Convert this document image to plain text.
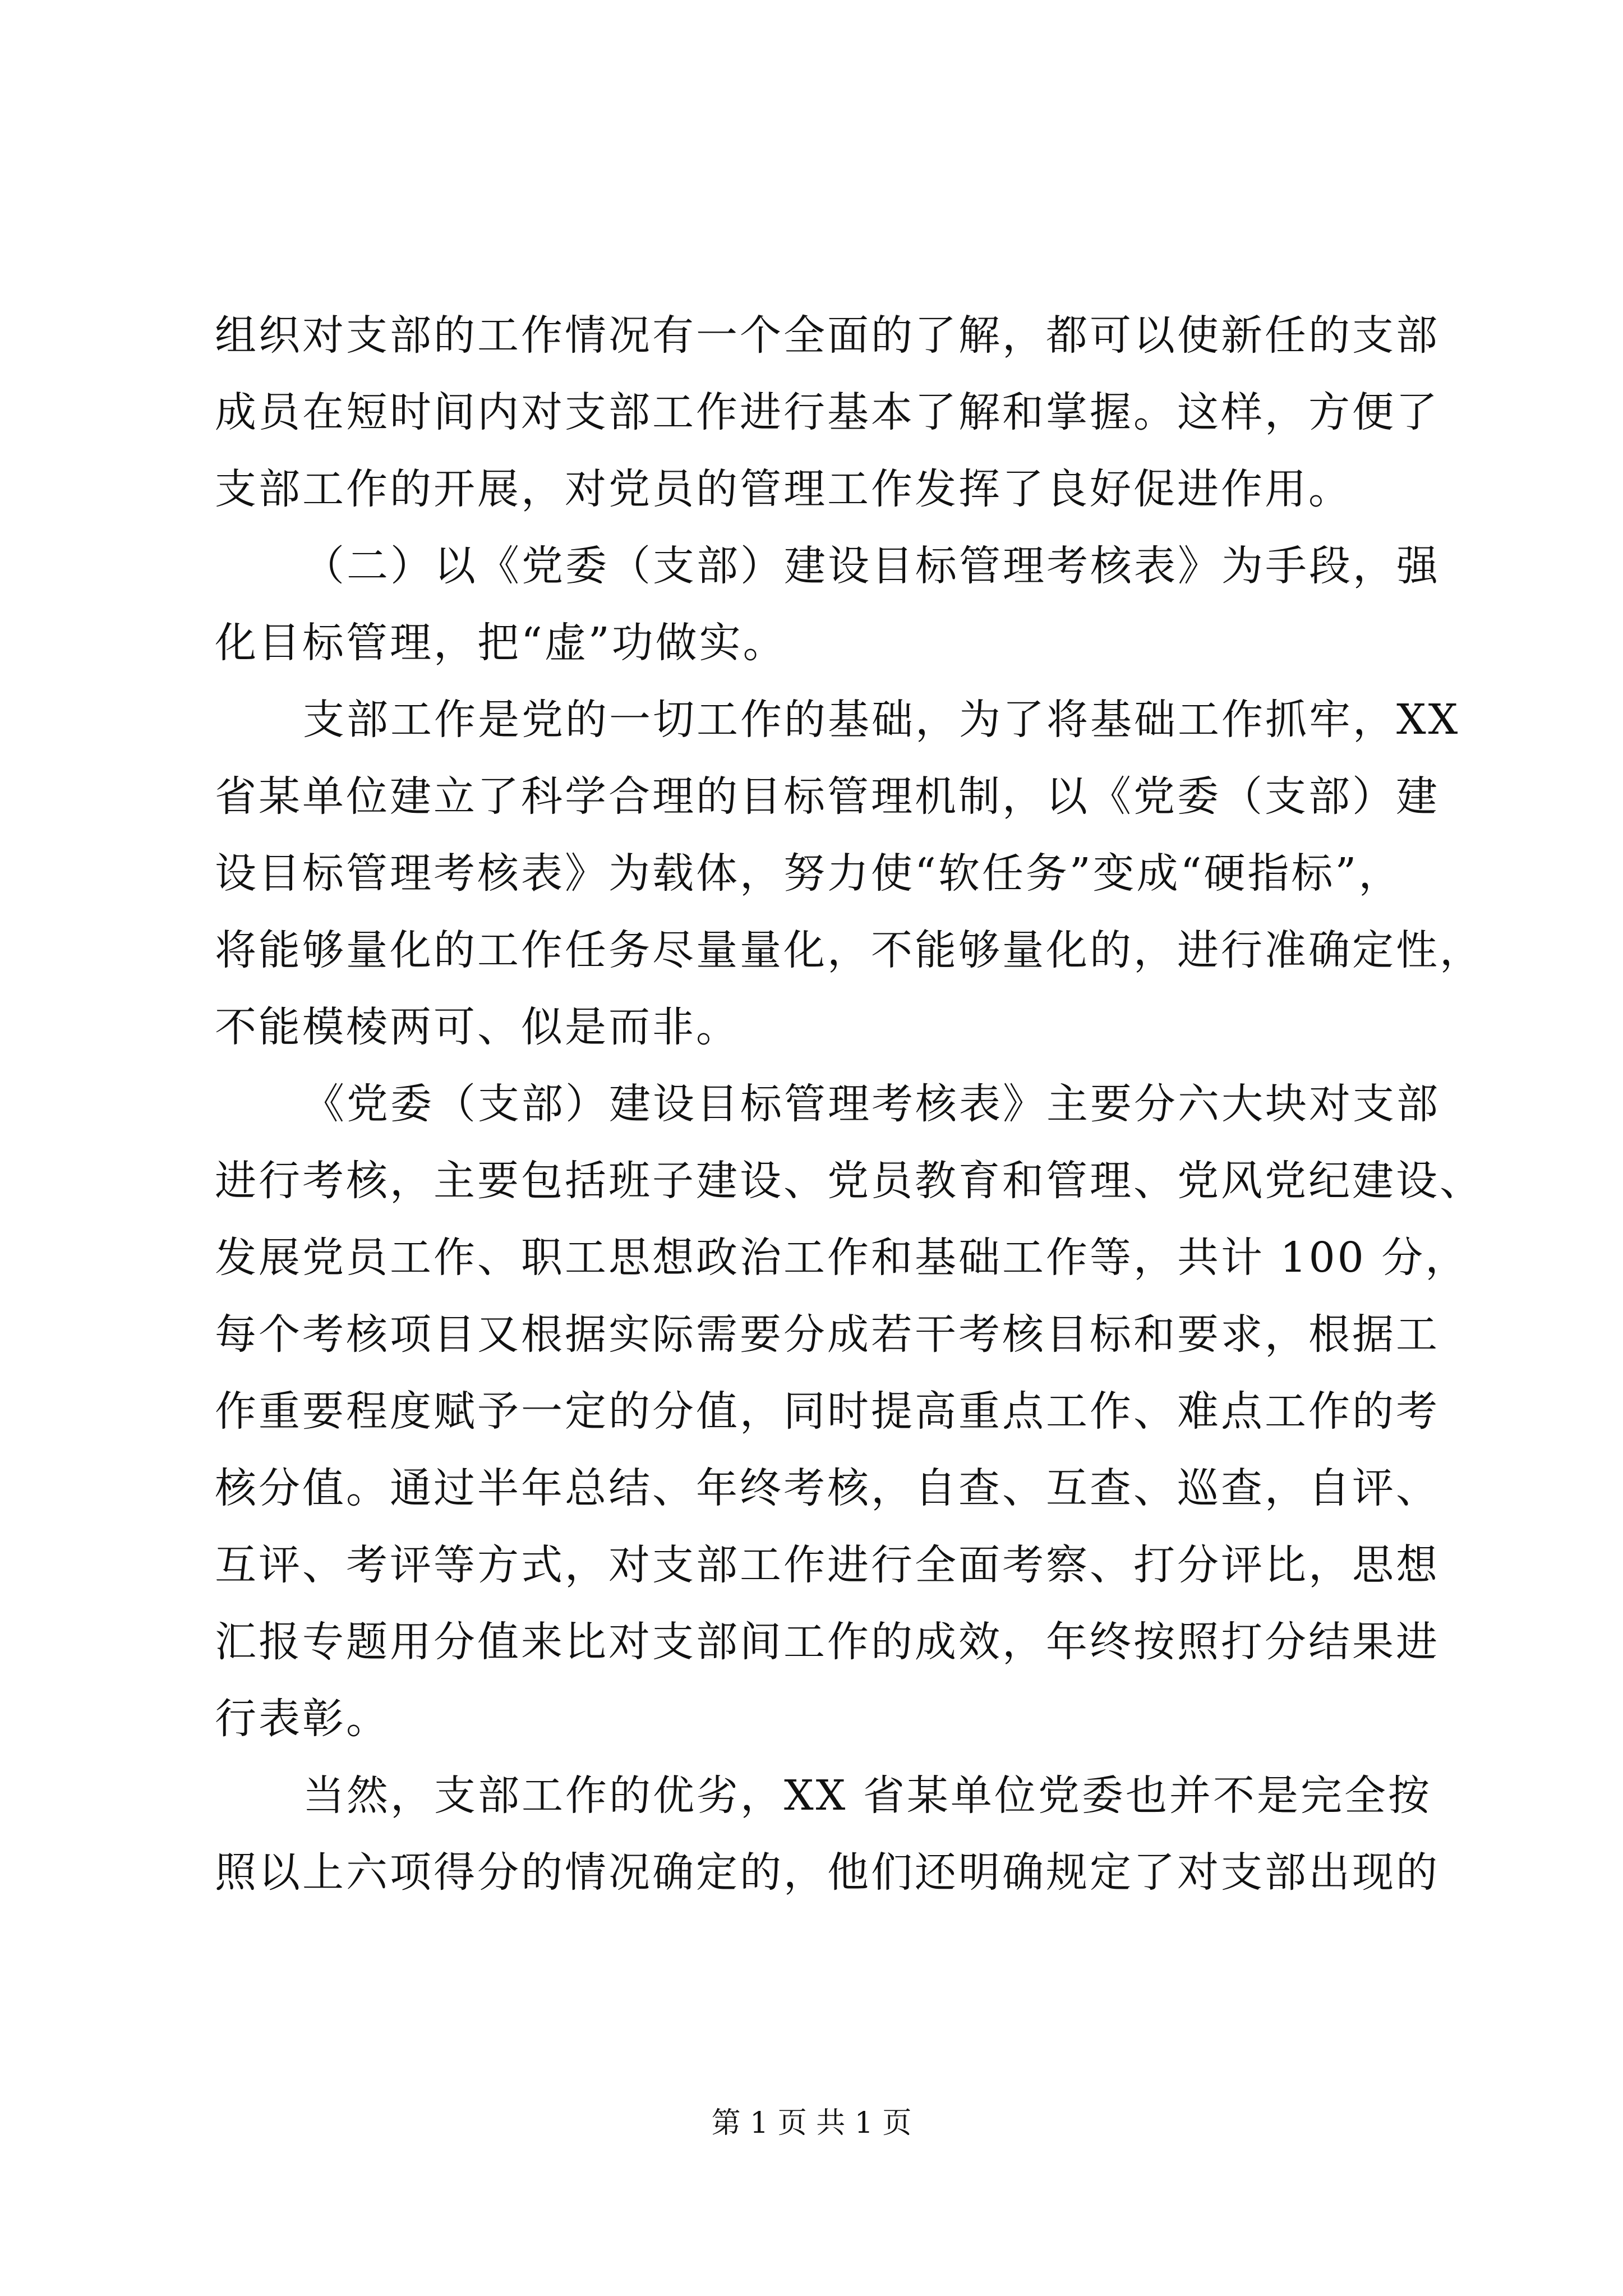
组织对支部的工作情况有一个全面的了解，都可以使新任的支部
成员在短时间内对支部工作进行基本了解和掌握。这样，方便了
支部工作的开展，对党员的管理工作发挥了良好促进作用。
（二）以《党委（支部）建设目标管理考核表》为手段，强
化目标管理，把“虚”功做实。
支部工作是党的一切工作的基础，为了将基础工作抓牢，XX
省某单位建立了科学合理的目标管理机制，以《党委（支部）建
设目标管理考核表》为载体，努力使“软任务”变成“硬指标”，
将能够量化的工作任务尽量量化，不能够量化的，进行准确定性，
不能模棱两可、似是而非。
《党委（支部）建设目标管理考核表》主要分六大块对支部
进行考核，主要包括班子建设、党员教育和管理、党风党纪建设、
发展党员工作、职工思想政治工作和基础工作等，共计 100 分，
每个考核项目又根据实际需要分成若干考核目标和要求，根据工
作重要程度赋予一定的分值，同时提高重点工作、难点工作的考
核分值。通过半年总结、年终考核，自查、互查、巡查，自评、
互评、考评等方式，对支部工作进行全面考察、打分评比，思想
汇报专题用分值来比对支部间工作的成效，年终按照打分结果进
行表彰。
当然，支部工作的优劣，XX 省某单位党委也并不是完全按
照以上六项得分的情况确定的，他们还明确规定了对支部出现的
第 1 页 共 1 页
